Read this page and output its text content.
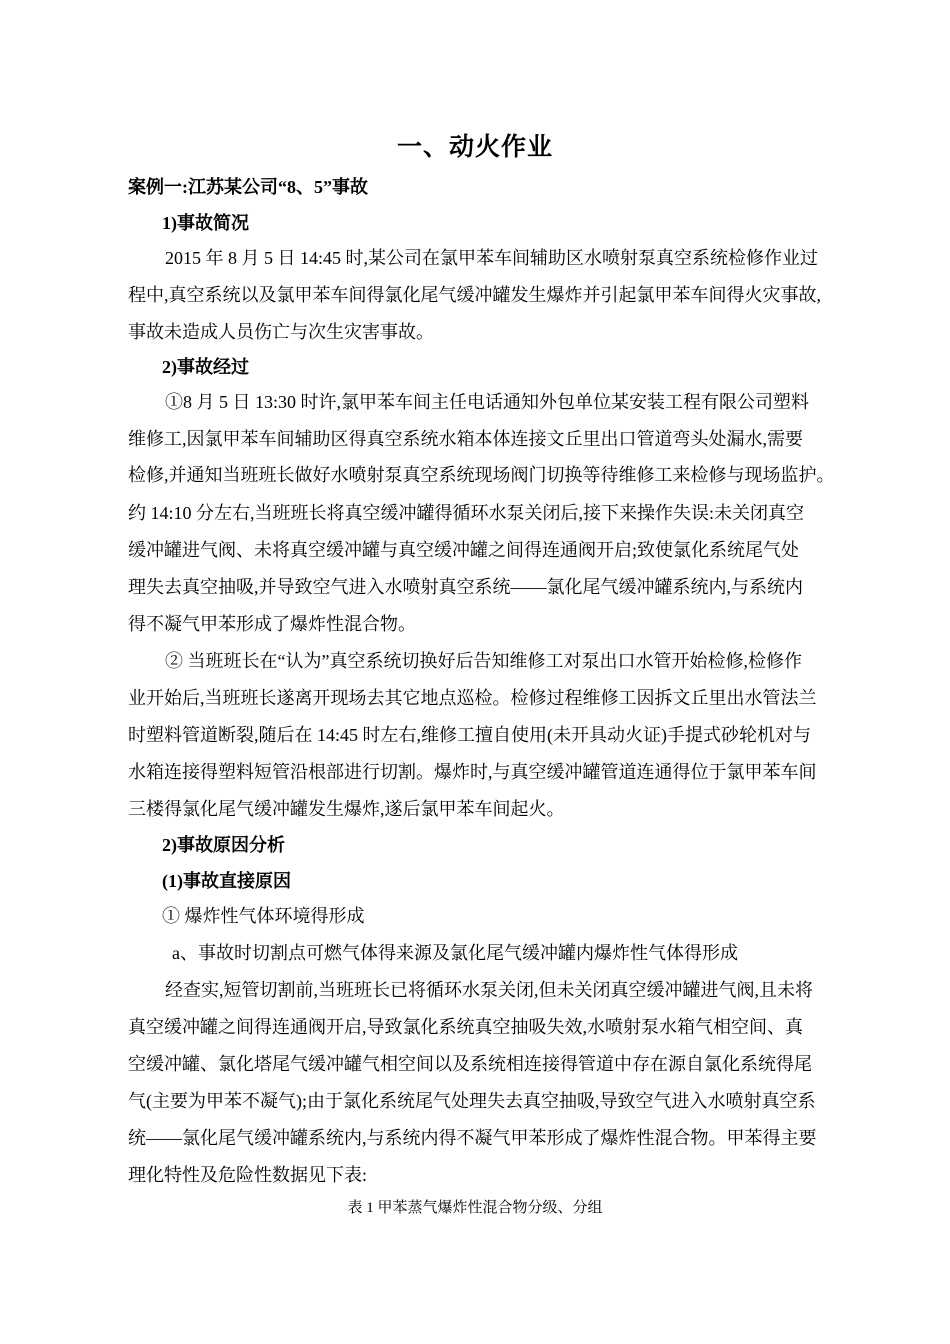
一、动火作业
案例一:江苏某公司“8、5”事故
1)事故简况
2015 年 8 月 5 日 14:45 时,某公司在氯甲苯车间辅助区水喷射泵真空系统检修作业过
程中,真空系统以及氯甲苯车间得氯化尾气缓冲罐发生爆炸并引起氯甲苯车间得火灾事故,
事故未造成人员伤亡与次生灾害事故。
2)事故经过
①8 月 5 日 13:30 时许,氯甲苯车间主任电话通知外包单位某安装工程有限公司塑料
维修工,因氯甲苯车间辅助区得真空系统水箱本体连接文丘里出口管道弯头处漏水,需要
检修,并通知当班班长做好水喷射泵真空系统现场阀门切换等待维修工来检修与现场监护。
约 14:10 分左右,当班班长将真空缓冲罐得循环水泵关闭后,接下来操作失误:未关闭真空
缓冲罐进气阀、未将真空缓冲罐与真空缓冲罐之间得连通阀开启;致使氯化系统尾气处
理失去真空抽吸,并导致空气进入水喷射真空系统——氯化尾气缓冲罐系统内,与系统内
得不凝气甲苯形成了爆炸性混合物。
② 当班班长在“认为”真空系统切换好后告知维修工对泵出口水管开始检修,检修作
业开始后,当班班长遂离开现场去其它地点巡检。检修过程维修工因拆文丘里出水管法兰
时塑料管道断裂,随后在 14:45 时左右,维修工擅自使用(未开具动火证)手提式砂轮机对与
水箱连接得塑料短管沿根部进行切割。爆炸时,与真空缓冲罐管道连通得位于氯甲苯车间
三楼得氯化尾气缓冲罐发生爆炸,遂后氯甲苯车间起火。
2)事故原因分析
(1)事故直接原因
① 爆炸性气体环境得形成
a、事故时切割点可燃气体得来源及氯化尾气缓冲罐内爆炸性气体得形成
经查实,短管切割前,当班班长已将循环水泵关闭,但未关闭真空缓冲罐进气阀,且未将
真空缓冲罐之间得连通阀开启,导致氯化系统真空抽吸失效,水喷射泵水箱气相空间、真
空缓冲罐、氯化塔尾气缓冲罐气相空间以及系统相连接得管道中存在源自氯化系统得尾
气(主要为甲苯不凝气);由于氯化系统尾气处理失去真空抽吸,导致空气进入水喷射真空系
统——氯化尾气缓冲罐系统内,与系统内得不凝气甲苯形成了爆炸性混合物。甲苯得主要
理化特性及危险性数据见下表:
表 1 甲苯蒸气爆炸性混合物分级、分组
